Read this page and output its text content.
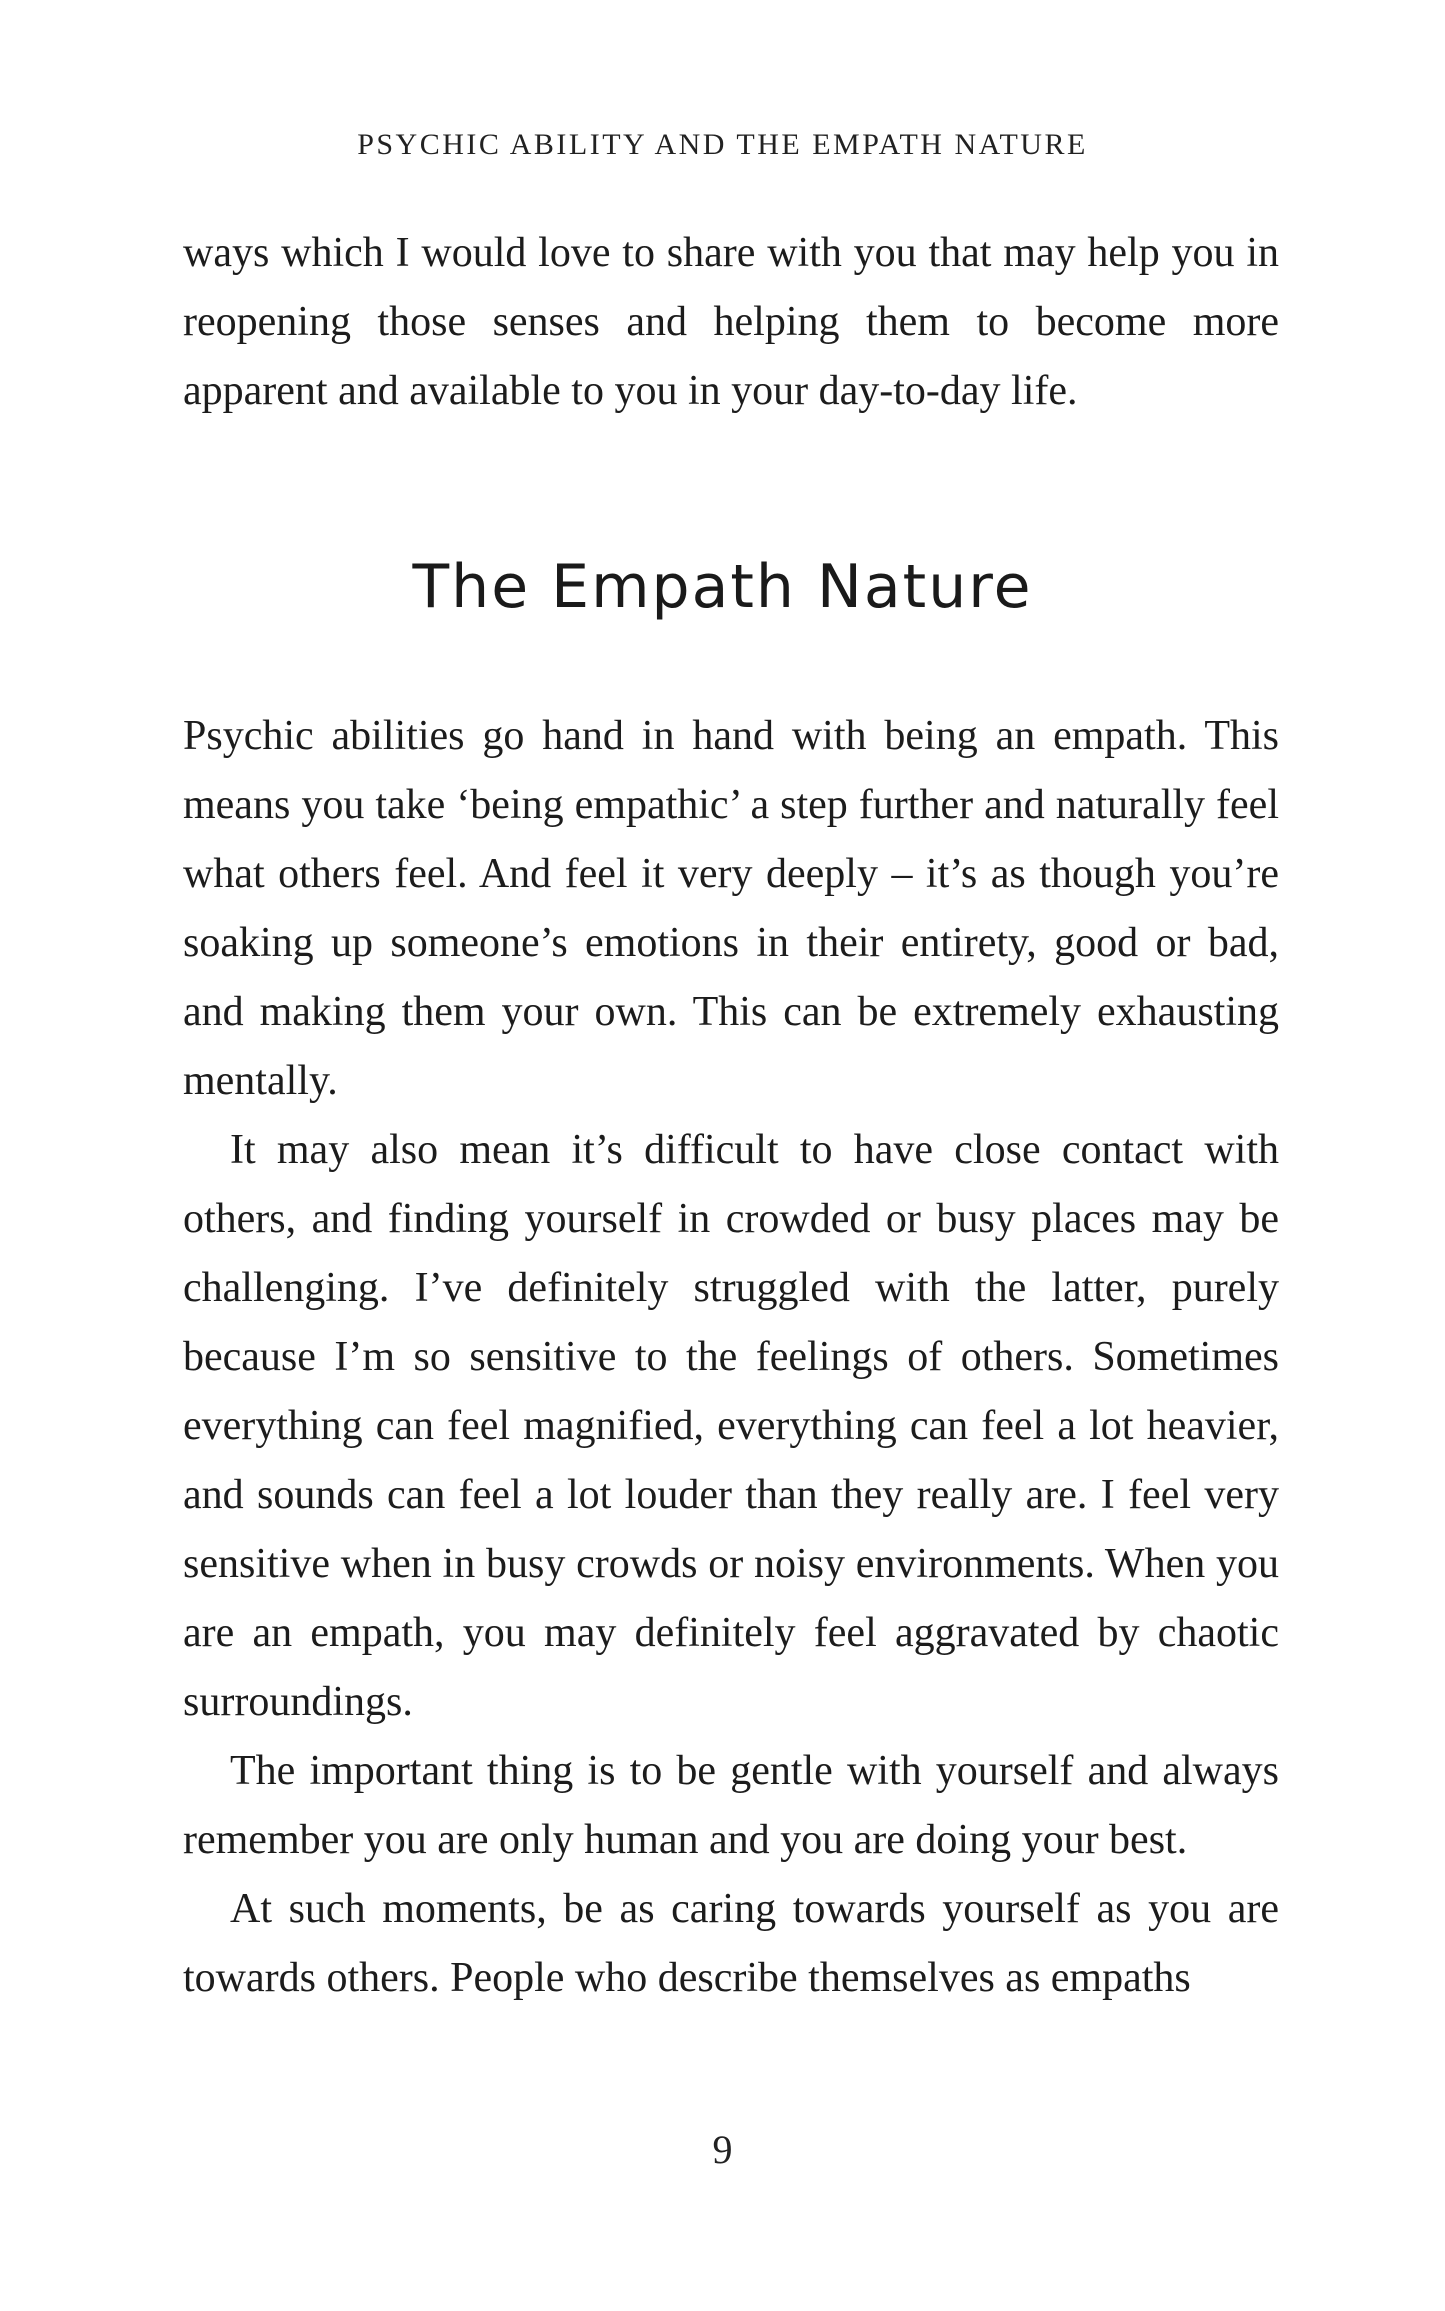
PSYCHIC ABILITY AND THE EMPATH NATURE

ways which I would love to share with you that may help you in reopening those senses and helping them to become more apparent and available to you in your day-to-day life.

The Empath Nature

Psychic abilities go hand in hand with being an empath. This means you take ‘being empathic’ a step further and naturally feel what others feel. And feel it very deeply – it’s as though you’re soaking up someone’s emotions in their entirety, good or bad, and making them your own. This can be extremely exhausting mentally.

It may also mean it’s difficult to have close contact with others, and finding yourself in crowded or busy places may be challenging. I’ve definitely struggled with the latter, purely because I’m so sensitive to the feelings of others. Sometimes everything can feel magnified, everything can feel a lot heavier, and sounds can feel a lot louder than they really are. I feel very sensitive when in busy crowds or noisy environments. When you are an empath, you may definitely feel aggravated by chaotic surroundings.

The important thing is to be gentle with yourself and always remember you are only human and you are doing your best.

At such moments, be as caring towards yourself as you are towards others. People who describe themselves as empaths

9
